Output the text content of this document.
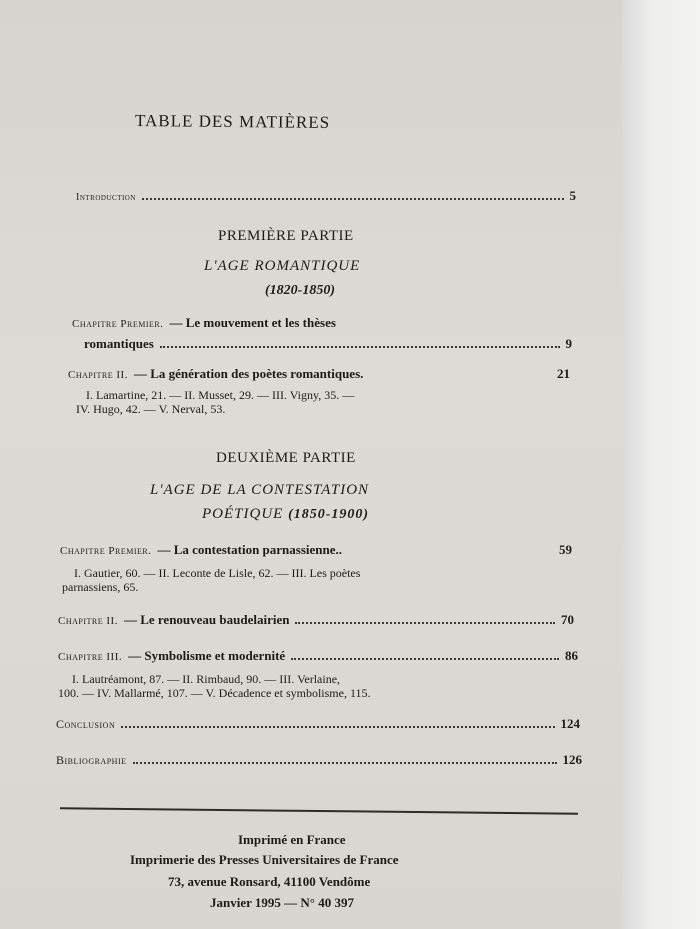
TABLE DES MATIÈRES
Introduction	5
PREMIÈRE PARTIE
L'AGE ROMANTIQUE
(1820-1850)
Chapitre Premier. — Le mouvement et les thèses
romantiques	9
Chapitre II. — La génération des poètes romantiques.	21
I. Lamartine, 21. — II. Musset, 29. — III. Vigny, 35. —
IV. Hugo, 42. — V. Nerval, 53.
DEUXIÈME PARTIE
L'AGE DE LA CONTESTATION
POÉTIQUE (1850-1900)
Chapitre Premier. — La contestation parnassienne..	59
I. Gautier, 60. — II. Leconte de Lisle, 62. — III. Les poètes
parnassiens, 65.
Chapitre II. — Le renouveau baudelairien	70
Chapitre III. — Symbolisme et modernité	86
I. Lautréamont, 87. — II. Rimbaud, 90. — III. Verlaine,
100. — IV. Mallarmé, 107. — V. Décadence et symbolisme, 115.
Conclusion	124
Bibliographie	126
Imprimé en France
Imprimerie des Presses Universitaires de France
73, avenue Ronsard, 41100 Vendôme
Janvier 1995 — N° 40 397
